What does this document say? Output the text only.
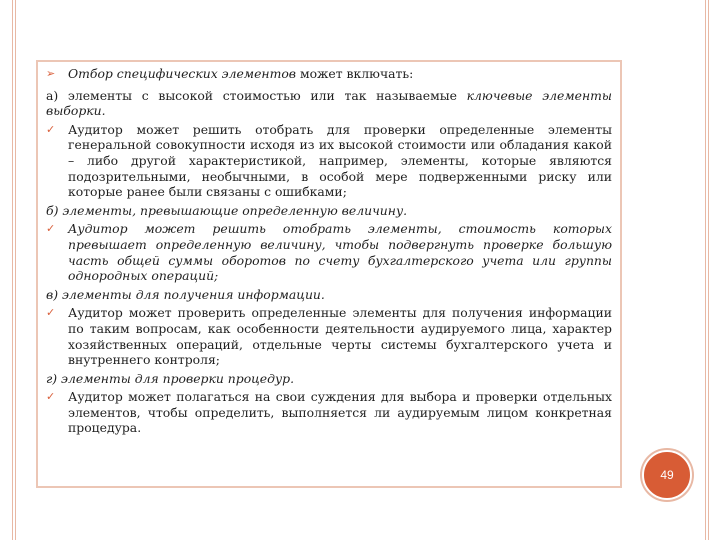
➢	Отбор специфических элементов может включать:

а) элементы с высокой стоимостью или так называемые ключевые элементы выборки.

✓	Аудитор может решить отобрать для проверки определенные элементы генеральной совокупности исходя из их высокой стоимости или обладания какой – либо другой характеристикой, например, элементы, которые являются подозрительными, необычными, в особой мере подверженными риску или которые ранее были связаны с ошибками;

б) элементы, превышающие определенную величину.

✓	Аудитор может решить отобрать элементы, стоимость которых превышает определенную величину, чтобы подвергнуть проверке большую часть общей суммы оборотов по счету бухгалтерского учета или группы однородных операций;

в) элементы для получения информации.

✓	Аудитор может проверить определенные элементы для получения информации по таким вопросам, как особенности деятельности аудируемого лица, характер хозяйственных операций, отдельные черты системы бухгалтерского учета и внутреннего контроля;

г) элементы для проверки процедур.

✓	Аудитор может полагаться на свои суждения для выбора и проверки отдельных элементов, чтобы определить, выполняется ли аудируемым лицом конкретная процедура.

49
